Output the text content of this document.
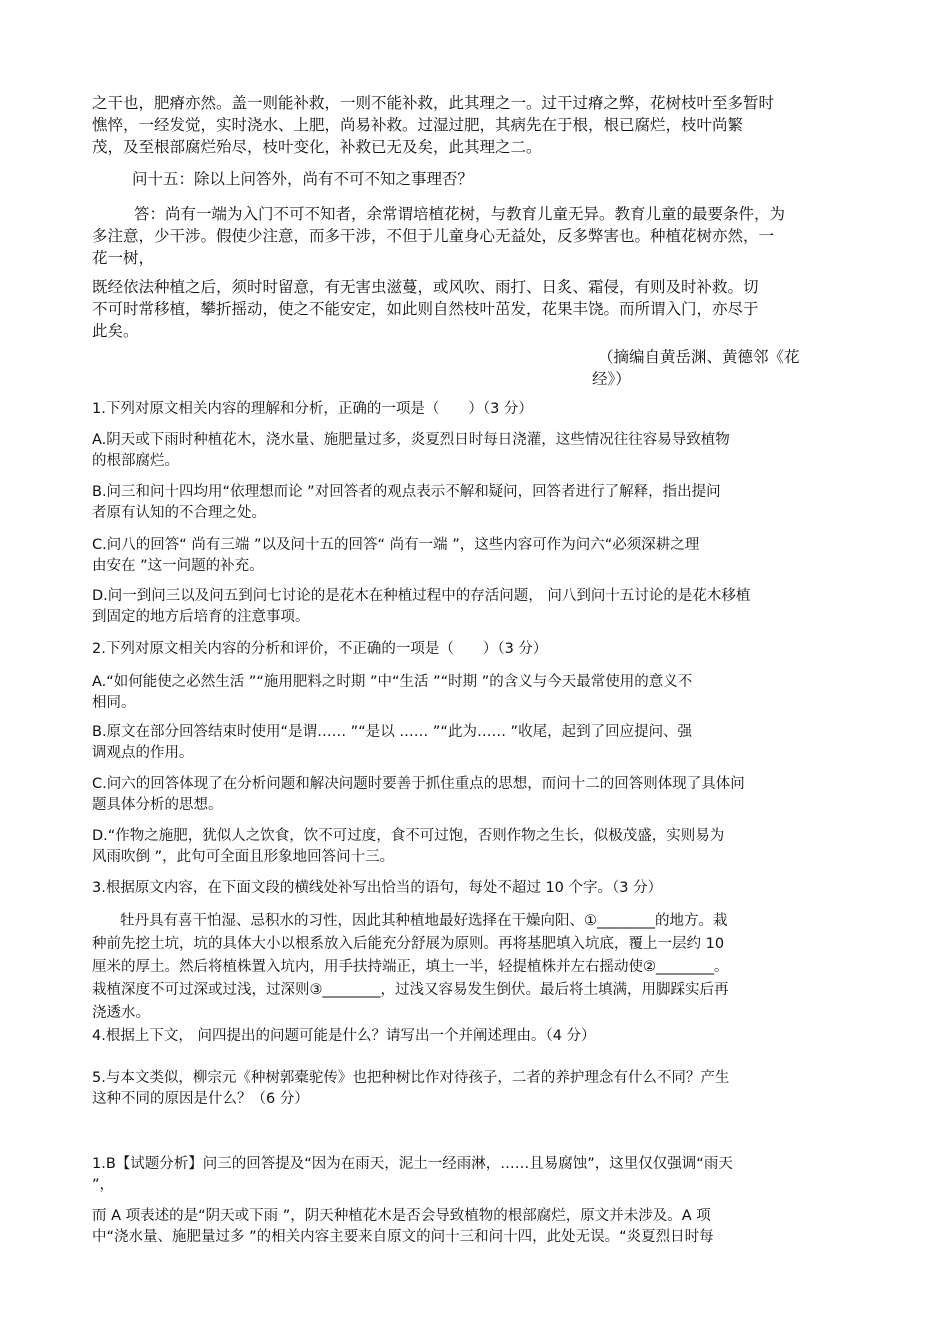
之干也，肥瘠亦然。盖一则能补救，一则不能补救，此其理之一。过干过瘠之弊，花树枝叶至多暂时
憔悴，一经发觉，实时浇水、上肥，尚易补救。过湿过肥，其病先在于根，根已腐烂，枝叶尚繁
茂，及至根部腐烂殆尽，枝叶变化，补救已无及矣，此其理之二。

问十五：除以上问答外，尚有不可不知之事理否？

答：尚有一端为入门不可不知者，余常谓培植花树，与教育儿童无异。教育儿童的最要条件，为
多注意，少干涉。假使少注意，而多干涉，不但于儿童身心无益处，反多弊害也。种植花树亦然，一
花一树，

既经依法种植之后，须时时留意，有无害虫滋蔓，或风吹、雨打、日炙、霜侵，有则及时补救。切
不可时常移植，攀折摇动，使之不能安定，如此则自然枝叶茁发，花果丰饶。而所谓入门，亦尽于
此矣。

（摘编自黄岳渊、黄德邻《花
经》）

1.下列对原文相关内容的理解和分析，正确的一项是（　　）（3 分）

A.阴天或下雨时种植花木，浇水量、施肥量过多，炎夏烈日时每日浇灌，这些情况往往容易导致植物
的根部腐烂。

B.问三和问十四均用“依理想而论 ”对回答者的观点表示不解和疑问，回答者进行了解释，指出提问
者原有认知的不合理之处。

C.问八的回答“ 尚有三端 ”以及问十五的回答“ 尚有一端 ”，这些内容可作为问六“必须深耕之理
由安在 ”这一问题的补充。

D.问一到问三以及问五到问七讨论的是花木在种植过程中的存活问题， 问八到问十五讨论的是花木移植
到固定的地方后培育的注意事项。

2.下列对原文相关内容的分析和评价，不正确的一项是（　　）（3 分）

A.“如何能使之必然生活 ”“施用肥料之时期 ”中“生活 ”“时期 ”的含义与今天最常使用的意义不
相同。

B.原文在部分回答结束时使用“是谓…… ”“是以 …… ”“此为…… ”收尾，起到了回应提问、强
调观点的作用。

C.问六的回答体现了在分析问题和解决问题时要善于抓住重点的思想，而问十二的回答则体现了具体问
题具体分析的思想。

D.“作物之施肥，犹似人之饮食，饮不可过度，食不可过饱，否则作物之生长，似极茂盛，实则易为
风雨吹倒 ”，此句可全面且形象地回答问十三。

3.根据原文内容，在下面文段的横线处补写出恰当的语句，每处不超过 10 个字。（3 分）

牡丹具有喜干怕湿、忌积水的习性，因此其种植地最好选择在干燥向阳、①________的地方。栽
种前先挖土坑，坑的具体大小以根系放入后能充分舒展为原则。再将基肥填入坑底，覆上一层约 10
厘米的厚土。然后将植株置入坑内，用手扶持端正，填土一半，轻提植株并左右摇动使②________。
栽植深度不可过深或过浅，过深则③________，过浅又容易发生倒伏。最后将土填满，用脚踩实后再
浇透水。

4.根据上下文， 问四提出的问题可能是什么？请写出一个并阐述理由。（4 分）

5.与本文类似，柳宗元《种树郭橐驼传》也把种树比作对待孩子，二者的养护理念有什么不同？产生
这种不同的原因是什么？（6 分）

1.B【试题分析】问三的回答提及“因为在雨天，泥土一经雨淋，……且易腐蚀”，这里仅仅强调“雨天
”，

而 A 项表述的是“阴天或下雨 ”，阴天种植花木是否会导致植物的根部腐烂，原文并未涉及。A 项
中“浇水量、施肥量过多 ”的相关内容主要来自原文的问十三和问十四，此处无误。“炎夏烈日时每
